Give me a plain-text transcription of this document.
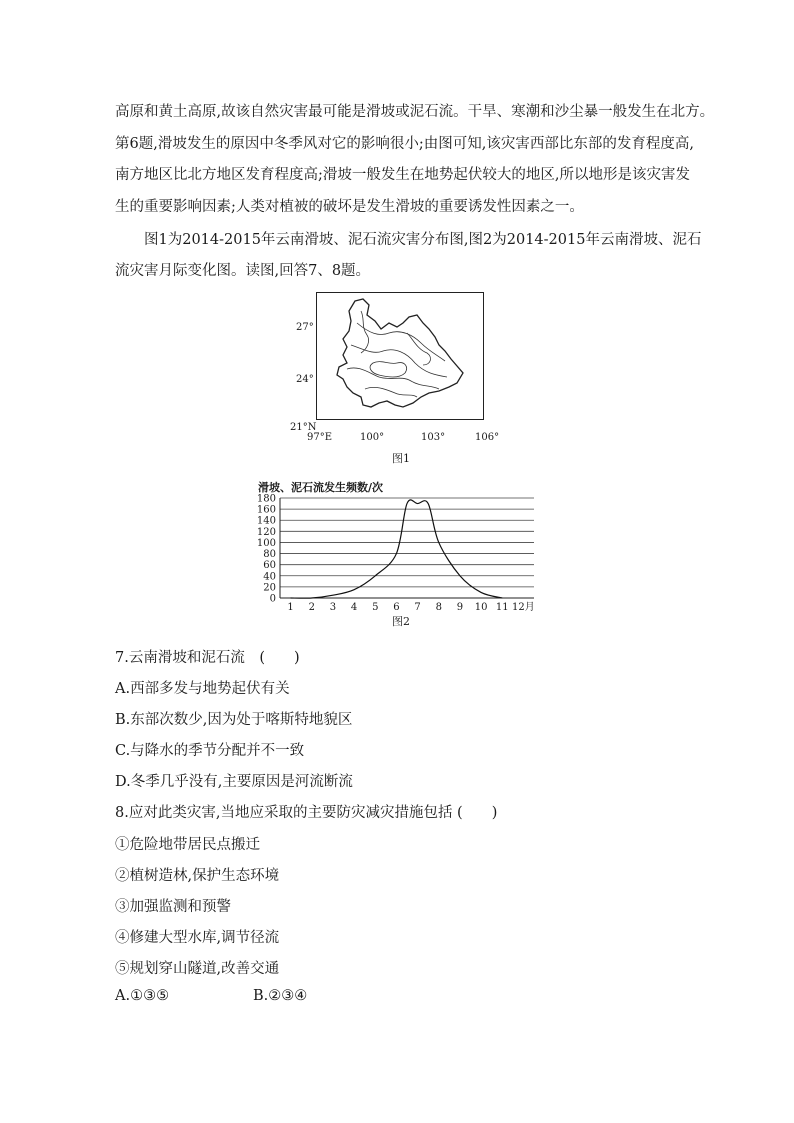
高原和黄土高原,故该自然灾害最可能是滑坡或泥石流。干旱、寒潮和沙尘暴一般发生在北方。

第6题,滑坡发生的原因中冬季风对它的影响很小;由图可知,该灾害西部比东部的发育程度高,

南方地区比北方地区发育程度高;滑坡一般发生在地势起伏较大的地区,所以地形是该灾害发

生的重要影响因素;人类对植被的破坏是发生滑坡的重要诱发性因素之一。

图1为2014-2015年云南滑坡、泥石流灾害分布图,图2为2014-2015年云南滑坡、泥石

流灾害月际变化图。读图,回答7、8题。

27°
24°
21°N
97°E	100°	103°	106°
图1
滑坡、泥石流发生频数/次
0
20
40
60
80
100
120
140
160
180
1 2 3 4 5 6 7 8 9 10 11 12月
图2

7.云南滑坡和泥石流　(　　)

A.西部多发与地势起伏有关

B.东部次数少,因为处于喀斯特地貌区

C.与降水的季节分配并不一致

D.冬季几乎没有,主要原因是河流断流

8.应对此类灾害,当地应采取的主要防灾减灾措施包括 (　　)

①危险地带居民点搬迁

②植树造林,保护生态环境

③加强监测和预警

④修建大型水库,调节径流

⑤规划穿山隧道,改善交通

A.①③⑤	B.②③④
